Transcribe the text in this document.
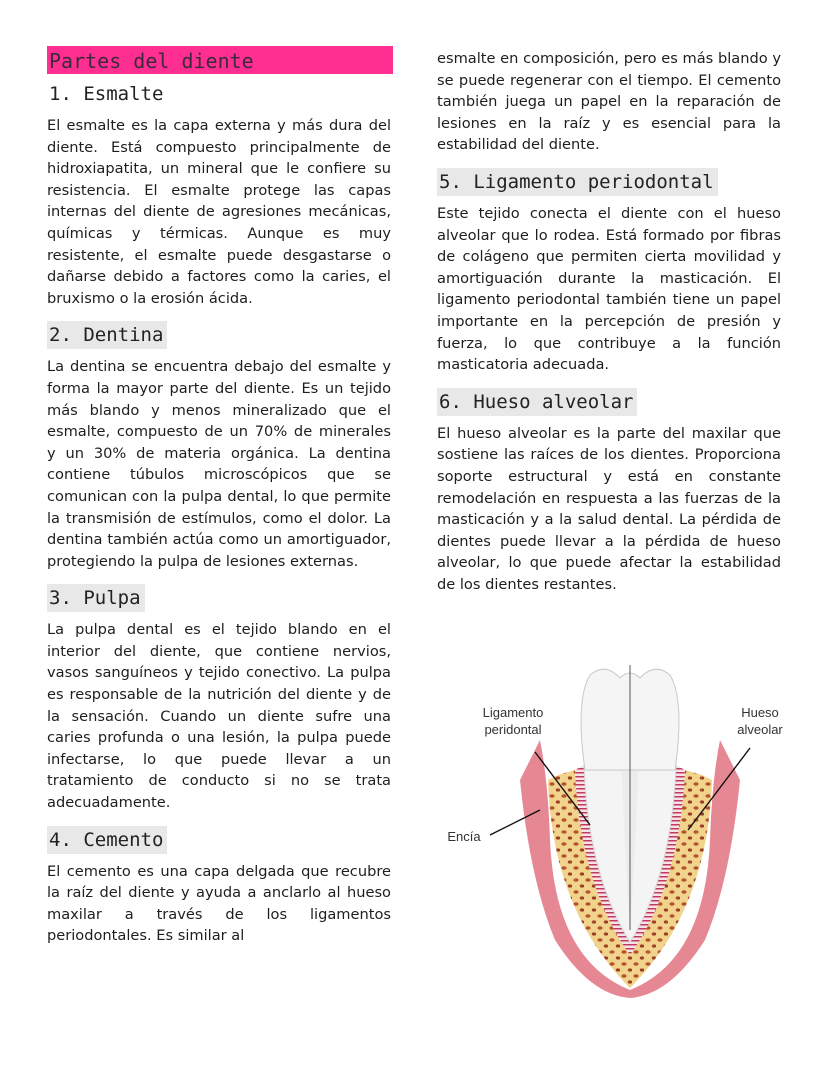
Partes del diente
1. Esmalte

El esmalte es la capa externa y más dura del diente. Está compuesto principalmente de hidroxiapatita, un mineral que le confiere su resistencia. El esmalte protege las capas internas del diente de agresiones mecánicas, químicas y térmicas. Aunque es muy resistente, el esmalte puede desgastarse o dañarse debido a factores como la caries, el bruxismo o la erosión ácida.

2. Dentina

La dentina se encuentra debajo del esmalte y forma la mayor parte del diente. Es un tejido más blando y menos mineralizado que el esmalte, compuesto de un 70% de minerales y un 30% de materia orgánica. La dentina contiene túbulos microscópicos que se comunican con la pulpa dental, lo que permite la transmisión de estímulos, como el dolor. La dentina también actúa como un amortiguador, protegiendo la pulpa de lesiones externas.

3. Pulpa

La pulpa dental es el tejido blando en el interior del diente, que contiene nervios, vasos sanguíneos y tejido conectivo. La pulpa es responsable de la nutrición del diente y de la sensación. Cuando un diente sufre una caries profunda o una lesión, la pulpa puede infectarse, lo que puede llevar a un tratamiento de conducto si no se trata adecuadamente.

4. Cemento

El cemento es una capa delgada que recubre la raíz del diente y ayuda a anclarlo al hueso maxilar a través de los ligamentos periodontales. Es similar al

esmalte en composición, pero es más blando y se puede regenerar con el tiempo. El cemento también juega un papel en la reparación de lesiones en la raíz y es esencial para la estabilidad del diente.

5. Ligamento periodontal

Este tejido conecta el diente con el hueso alveolar que lo rodea. Está formado por fibras de colágeno que permiten cierta movilidad y amortiguación durante la masticación. El ligamento periodontal también tiene un papel importante en la percepción de presión y fuerza, lo que contribuye a la función masticatoria adecuada.

6. Hueso alveolar

El hueso alveolar es la parte del maxilar que sostiene las raíces de los dientes. Proporciona soporte estructural y está en constante remodelación en respuesta a las fuerzas de la masticación y a la salud dental. La pérdida de dientes puede llevar a la pérdida de hueso alveolar, lo que puede afectar la estabilidad de los dientes restantes.

Ligamento
peridontal
Hueso
alveolar
Encía
